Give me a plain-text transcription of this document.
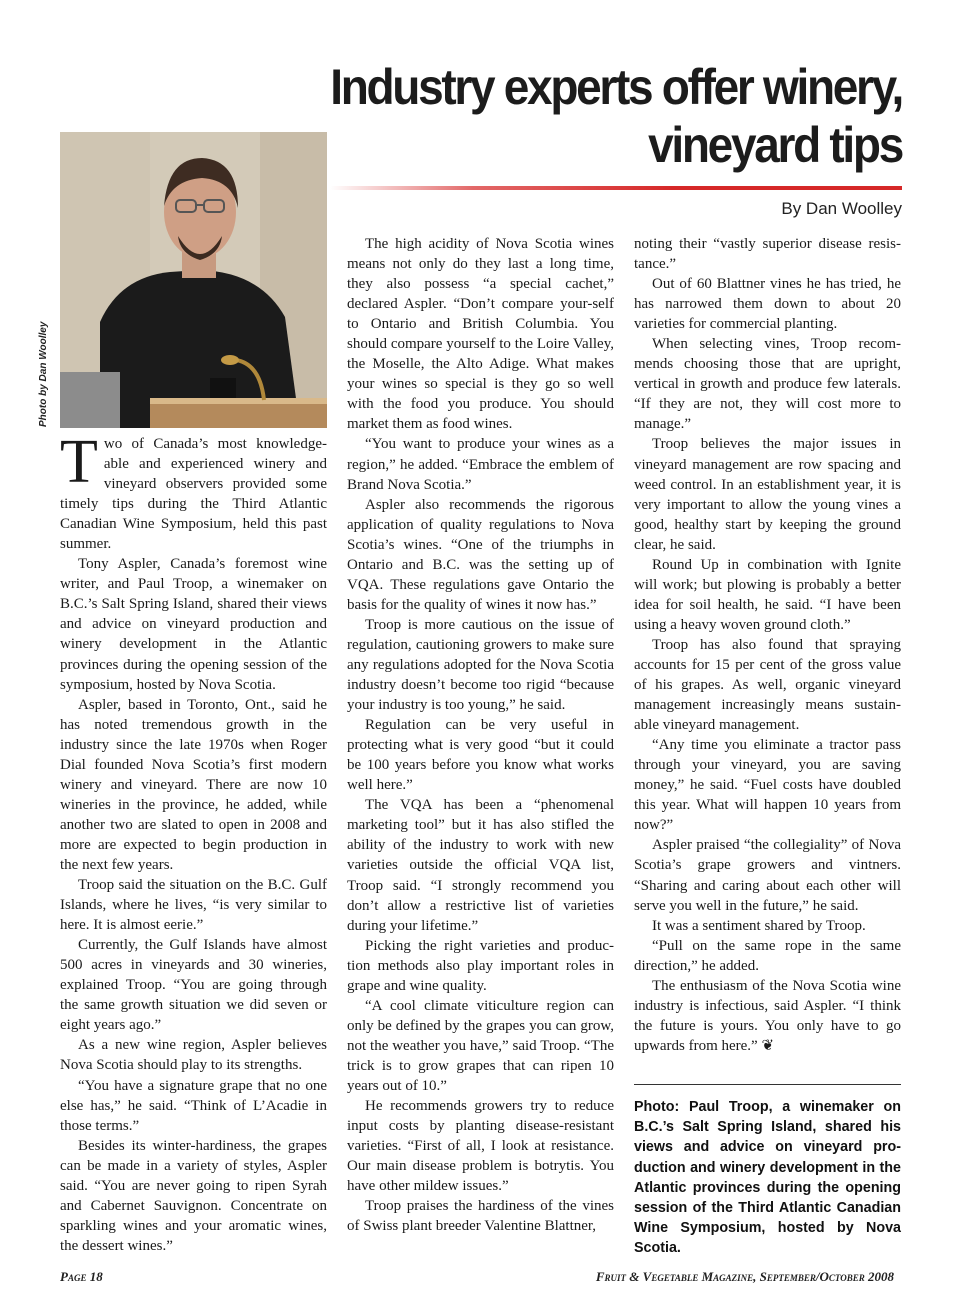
Industry experts offer winery,
vineyard tips
By Dan Woolley
Photo by Dan Woolley
T wo of Canada’s most knowledge-able and experienced winery and vineyard observers provided some timely tips during the Third Atlantic Canadian Wine Symposium, held this past summer.

Tony Aspler, Canada’s foremost wine writer, and Paul Troop, a winemaker on B.C.’s Salt Spring Island, shared their views and advice on vineyard production and winery development in the Atlantic provinces during the opening session of the symposium, hosted by Nova Scotia.

Aspler, based in Toronto, Ont., said he has noted tremendous growth in the industry since the late 1970s when Roger Dial founded Nova Scotia’s first modern winery and vineyard. There are now 10 wineries in the province, he added, while another two are slated to open in 2008 and more are expected to begin production in the next few years.

Troop said the situation on the B.C. Gulf Islands, where he lives, “is very similar to here. It is almost eerie.”

Currently, the Gulf Islands have almost 500 acres in vineyards and 30 wineries, explained Troop. “You are going through the same growth situation we did seven or eight years ago.”

As a new wine region, Aspler believes Nova Scotia should play to its strengths.

“You have a signature grape that no one else has,” he said. “Think of L’Acadie in those terms.”

Besides its winter-hardiness, the grapes can be made in a variety of styles, Aspler said. “You are never going to ripen Syrah and Cabernet Sauvignon. Concentrate on sparkling wines and your aromatic wines, the dessert wines.”

The high acidity of Nova Scotia wines means not only do they last a long time, they also possess “a special cachet,” declared Aspler. “Don’t compare your-self to Ontario and British Columbia. You should compare yourself to the Loire Valley, the Moselle, the Alto Adige. What makes your wines so special is they go so well with the food you produce. You should market them as food wines.

“You want to produce your wines as a region,” he added. “Embrace the emblem of Brand Nova Scotia.”

Aspler also recommends the rigorous application of quality regulations to Nova Scotia’s wines. “One of the triumphs in Ontario and B.C. was the setting up of VQA. These regulations gave Ontario the basis for the quality of wines it now has.”

Troop is more cautious on the issue of regulation, cautioning growers to make sure any regulations adopted for the Nova Scotia industry doesn’t become too rigid “because your industry is too young,” he said.

Regulation can be very useful in protecting what is very good “but it could be 100 years before you know what works well here.”

The VQA has been a “phenomenal marketing tool” but it has also stifled the ability of the industry to work with new varieties outside the official VQA list, Troop said. “I strongly recommend you don’t allow a restrictive list of varieties during your lifetime.”

Picking the right varieties and produc-tion methods also play important roles in grape and wine quality.

“A cool climate viticulture region can only be defined by the grapes you can grow, not the weather you have,” said Troop. “The trick is to grow grapes that can ripen 10 years out of 10.”

He recommends growers try to reduce input costs by planting disease-resistant varieties. “First of all, I look at resistance. Our main disease problem is botrytis. You have other mildew issues.”

Troop praises the hardiness of the vines of Swiss plant breeder Valentine Blattner,

noting their “vastly superior disease resis-tance.”

Out of 60 Blattner vines he has tried, he has narrowed them down to about 20 varieties for commercial planting.

When selecting vines, Troop recom-mends choosing those that are upright, vertical in growth and produce few laterals. “If they are not, they will cost more to manage.”

Troop believes the major issues in vineyard management are row spacing and weed control. In an establishment year, it is very important to allow the young vines a good, healthy start by keeping the ground clear, he said.

Round Up in combination with Ignite will work; but plowing is probably a better idea for soil health, he said. “I have been using a heavy woven ground cloth.”

Troop has also found that spraying accounts for 15 per cent of the gross value of his grapes. As well, organic vineyard management increasingly means sustain-able vineyard management.

“Any time you eliminate a tractor pass through your vineyard, you are saving money,” he said. “Fuel costs have doubled this year. What will happen 10 years from now?”

Aspler praised “the collegiality” of Nova Scotia’s grape growers and vintners. “Sharing and caring about each other will serve you well in the future,” he said.

It was a sentiment shared by Troop.

“Pull on the same rope in the same direction,” he added.

The enthusiasm of the Nova Scotia wine industry is infectious, said Aspler. “I think the future is yours. You only have to go upwards from here.” ❦

Photo: Paul Troop, a winemaker on B.C.’s Salt Spring Island, shared his views and advice on vineyard pro-duction and winery development in the Atlantic provinces during the opening session of the Third Atlantic Canadian Wine Symposium, hosted by Nova Scotia.

Page 18	Fruit & Vegetable Magazine, September/October 2008
